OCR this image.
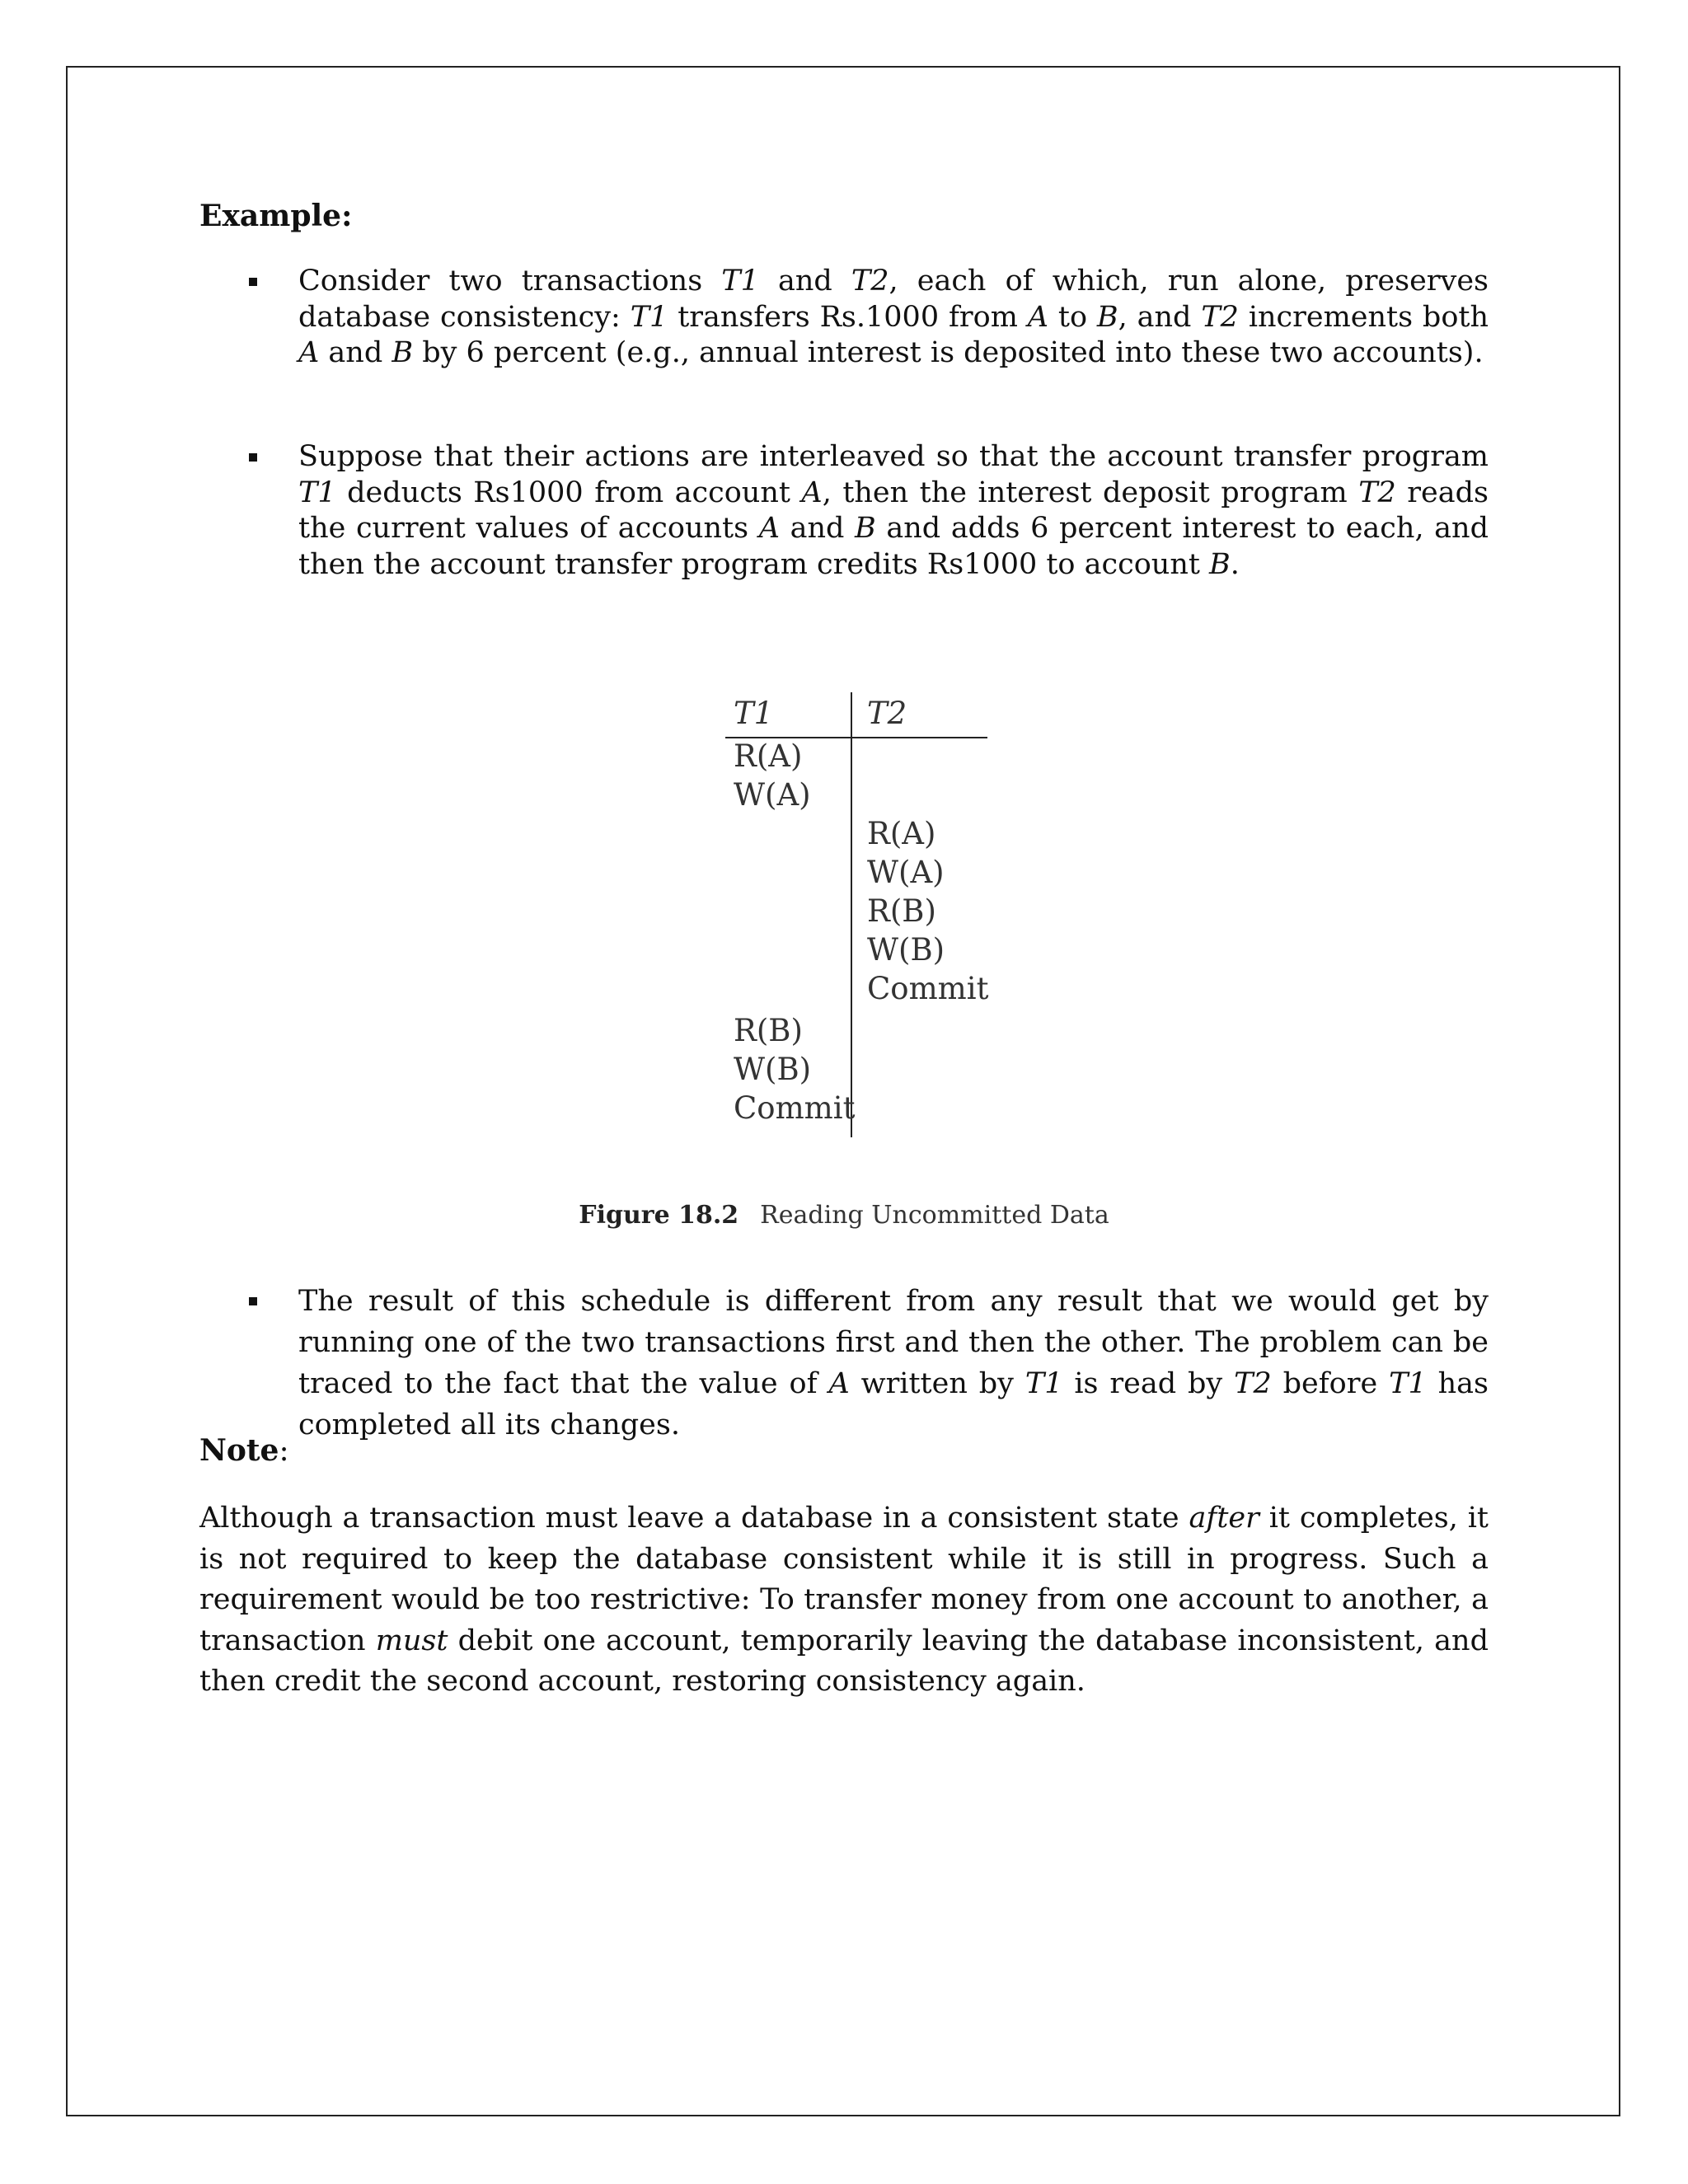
Example:
Consider two transactions T1 and T2, each of which, run alone, preserves database consistency: T1 transfers Rs.1000 from A to B, and T2 increments both A and B by 6 percent (e.g., annual interest is deposited into these two accounts).
Suppose that their actions are interleaved so that the account transfer program T1 deducts Rs1000 from account A, then the interest deposit program T2 reads the current values of accounts A and B and adds 6 percent interest to each, and then the account transfer program credits Rs1000 to account B.
T1	T2
R(A)
W(A)
R(A)
W(A)
R(B)
W(B)
Commit
R(B)
W(B)
Commit
Figure 18.2 Reading Uncommitted Data
The result of this schedule is different from any result that we would get by running one of the two transactions first and then the other. The problem can be traced to the fact that the value of A written by T1 is read by T2 before T1 has completed all its changes.
Note:
Although a transaction must leave a database in a consistent state after it completes, it is not required to keep the database consistent while it is still in progress. Such a requirement would be too restrictive: To transfer money from one account to another, a transaction must debit one account, temporarily leaving the database inconsistent, and then credit the second account, restoring consistency again.
